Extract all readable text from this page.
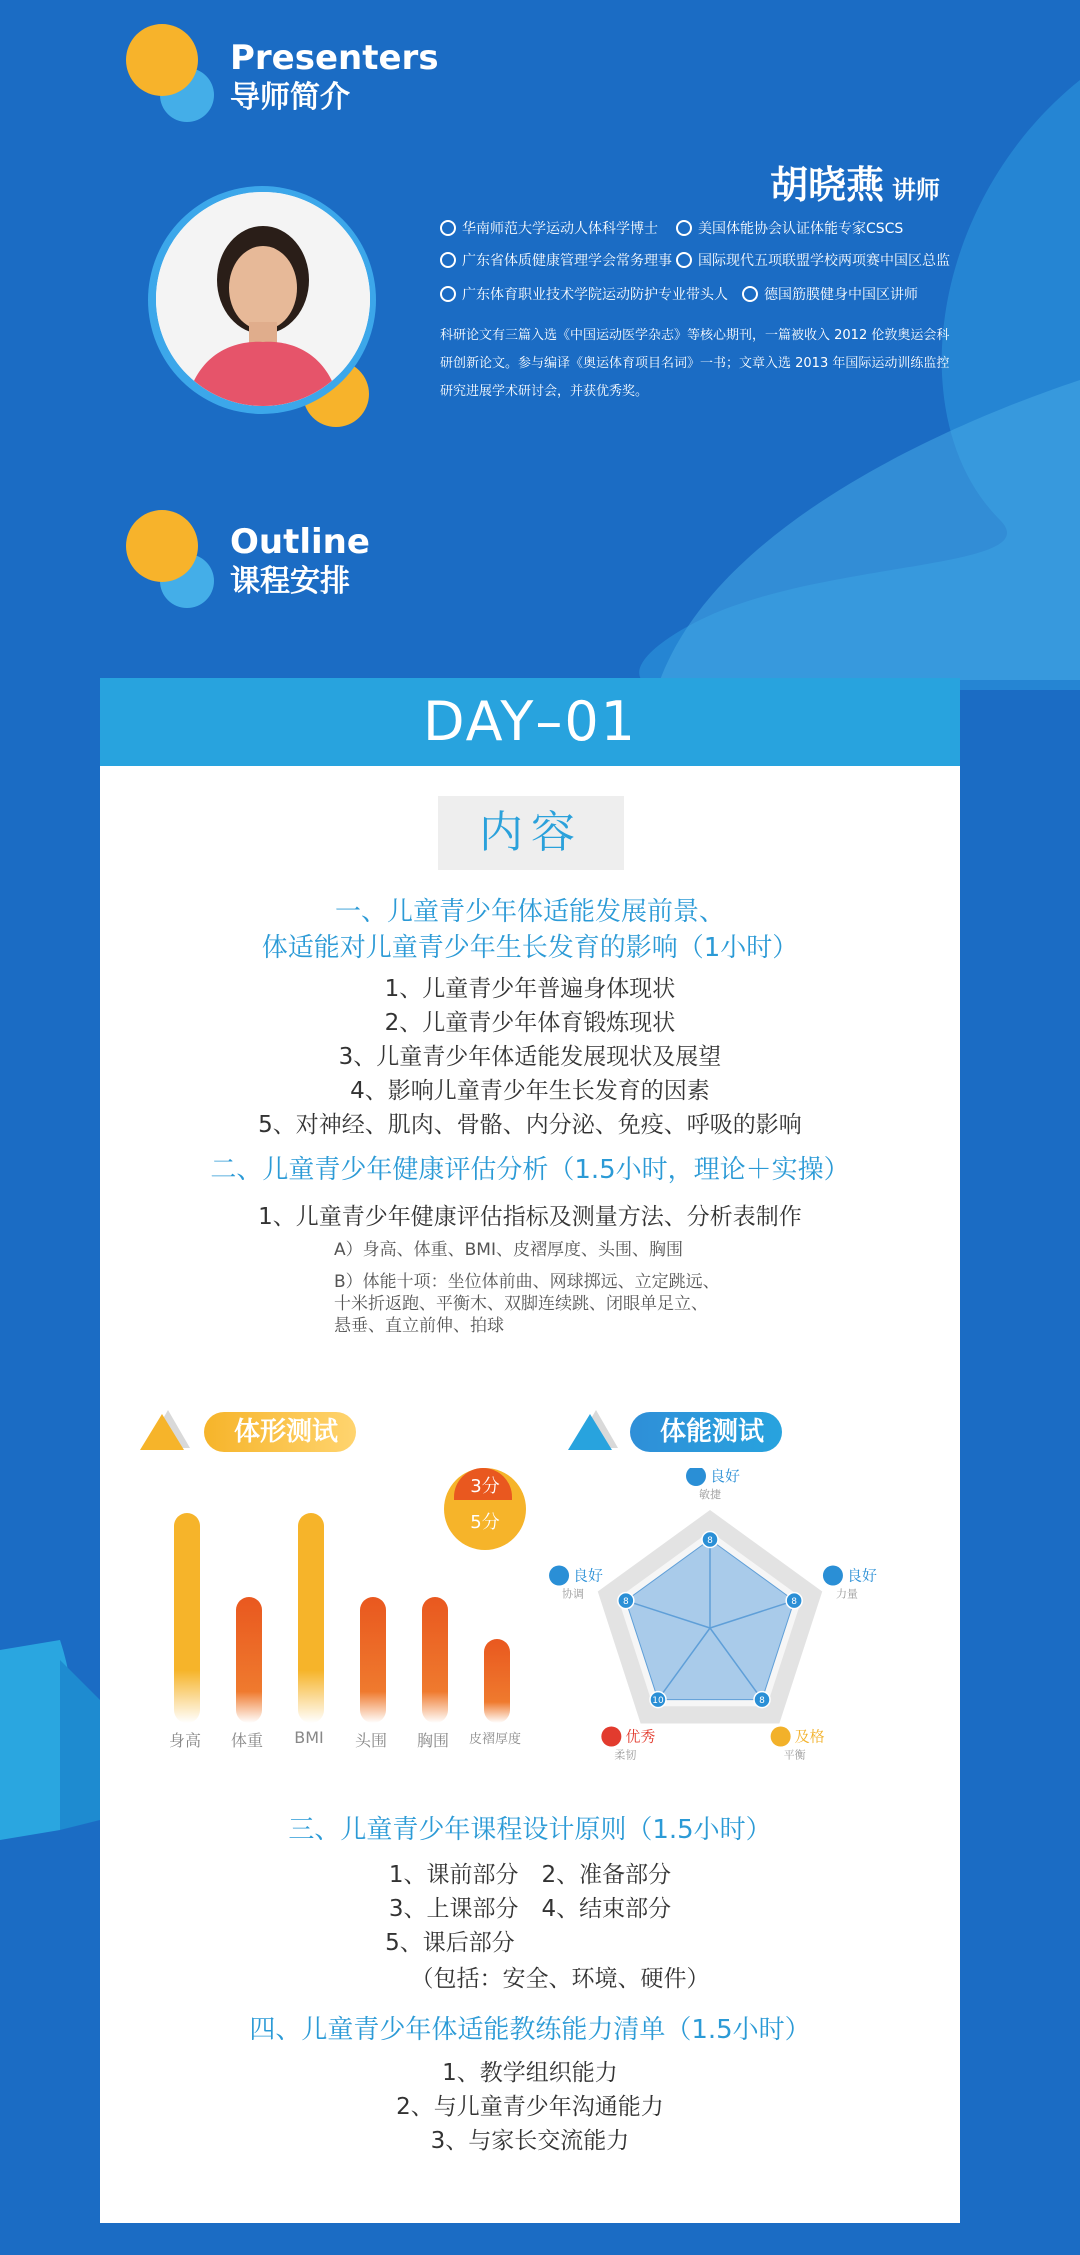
Presenters
导师简介
胡晓燕 讲师
华南师范大学运动人体科学博士	美国体能协会认证体能专家CSCS
广东省体质健康管理学会常务理事	国际现代五项联盟学校两项赛中国区总监
广东体育职业技术学院运动防护专业带头人	德国筋膜健身中国区讲师
科研论文有三篇入选《中国运动医学杂志》等核心期刊，一篇被收入 2012 伦敦奥运会科研创新论文。参与编译《奥运体育项目名词》一书；文章入选 2013 年国际运动训练监控研究进展学术研讨会，并获优秀奖。
Outline
课程安排
DAY–01
内容
一、儿童青少年体适能发展前景、
体适能对儿童青少年生长发育的影响（1小时）
1、儿童青少年普遍身体现状
2、儿童青少年体育锻炼现状
3、儿童青少年体适能发展现状及展望
4、影响儿童青少年生长发育的因素
5、对神经、肌肉、骨骼、内分泌、免疫、呼吸的影响
二、儿童青少年健康评估分析（1.5小时，理论＋实操）
1、儿童青少年健康评估指标及测量方法、分析表制作
A）身高、体重、BMI、皮褶厚度、头围、胸围
B）体能十项：坐位体前曲、网球掷远、立定跳远、
十米折返跑、平衡木、双脚连续跳、闭眼单足立、
悬垂、直立前伸、拍球
体形测试
3分
5分
身高	体重	BMI	头围	胸围	皮褶厚度
体能测试
8
良好
敏捷
8
良好
力量
8
及格
平衡
10
优秀
柔韧
8
良好
协调
三、儿童青少年课程设计原则（1.5小时）
1、课前部分　2、准备部分
3、上课部分　4、结束部分
5、课后部分
（包括：安全、环境、硬件）
四、儿童青少年体适能教练能力清单（1.5小时）
1、教学组织能力
2、与儿童青少年沟通能力
3、与家长交流能力
